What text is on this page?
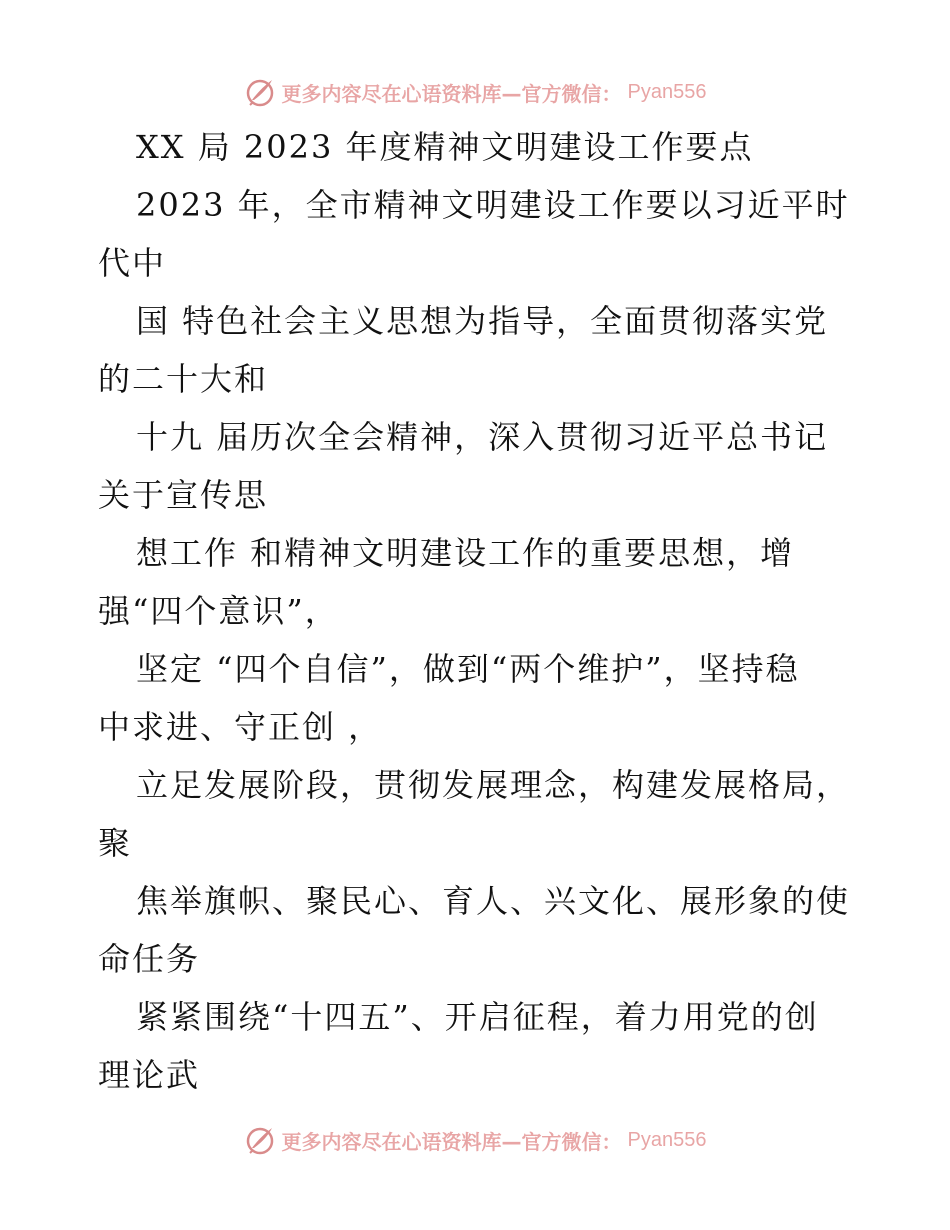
更多内容尽在心语资料库—官方微信： Pyan556
XX 局 2023 年度精神文明建设工作要点
2023 年，全市精神文明建设工作要以习近平时
代中
国 特色社会主义思想为指导，全面贯彻落实党
的二十大和
十九 届历次全会精神，深入贯彻习近平总书记
关于宣传思
想工作 和精神文明建设工作的重要思想，增
强“四个意识”，
坚定 “四个自信”，做到“两个维护”，坚持稳
中求进、守正创 ，
立足发展阶段，贯彻发展理念，构建发展格局，
聚
焦举旗帜、聚民心、育人、兴文化、展形象的使
命任务
紧紧围绕“十四五”、开启征程，着力用党的创
理论武
更多内容尽在心语资料库—官方微信： Pyan556
